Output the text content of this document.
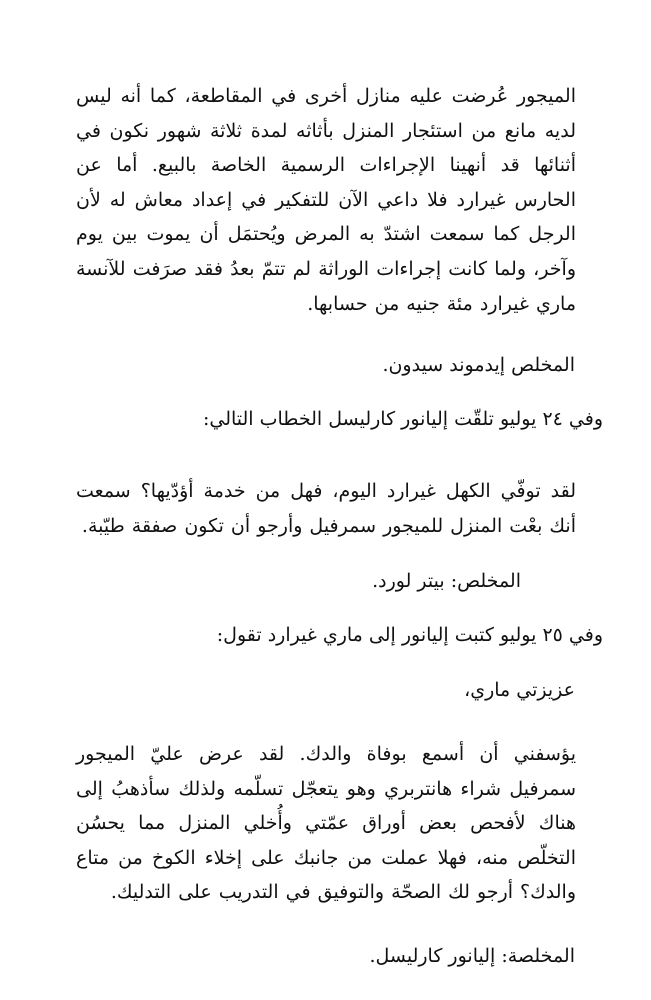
الميجور عُرضت عليه منازل أخرى في المقاطعة، كما أنه ليس لديه مانع من استئجار المنزل بأثاثه لمدة ثلاثة شهور نكون في أثنائها قد أنهينا الإجراءات الرسمية الخاصة بالبيع. أما عن الحارس غيرارد فلا داعي الآن للتفكير في إعداد معاش له لأن الرجل كما سمعت اشتدّ به المرض ويُحتمَل أن يموت بين يوم وآخر، ولما كانت إجراءات الوراثة لم تتمّ بعدُ فقد صرَفت للآنسة ماري غيرارد مئة جنيه من حسابها.

المخلص إيدموند سيدون.
وفي ٢٤ يوليو تلقّت إليانور كارليسل الخطاب التالي:

لقد توفّي الكهل غيرارد اليوم، فهل من خدمة أؤدّيها؟ سمعت أنك بعْت المنزل للميجور سمرفيل وأرجو أن تكون صفقة طيّبة.

المخلص: بيتر لورد.
وفي ٢٥ يوليو كتبت إليانور إلى ماري غيرارد تقول:
عزيزتي ماري،

يؤسفني أن أسمع بوفاة والدك. لقد عرض عليّ الميجور سمرفيل شراء هانتربري وهو يتعجّل تسلّمه ولذلك سأذهبُ إلى هناك لأفحص بعض أوراق عمّتي وأُخلي المنزل مما يحسُن التخلّص منه، فهلا عملت من جانبك على إخلاء الكوخ من متاع والدك؟ أرجو لك الصحّة والتوفيق في التدريب على التدليك.

المخلصة: إليانور كارليسل.
